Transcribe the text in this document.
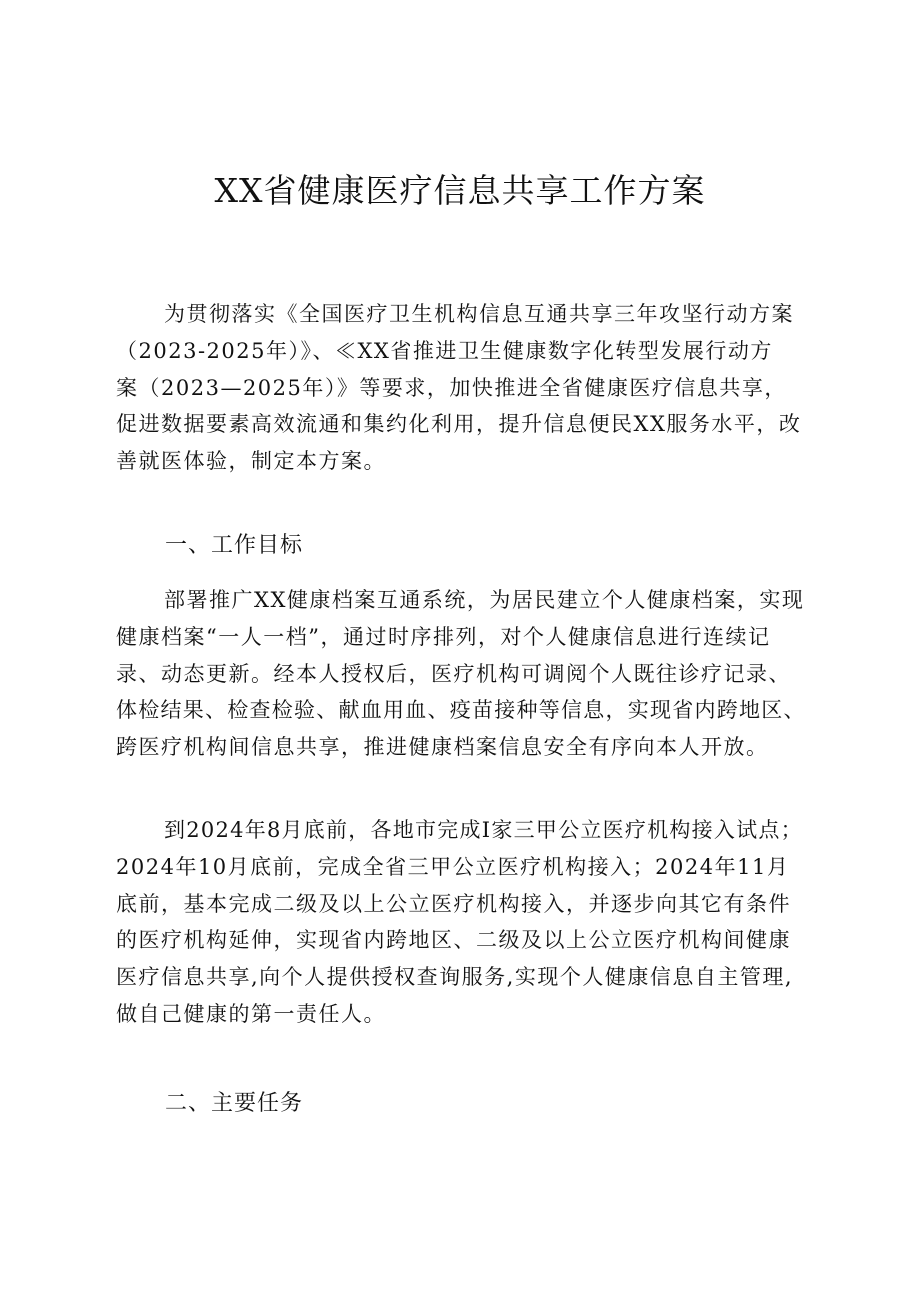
XX省健康医疗信息共享工作方案
为贯彻落实《全国医疗卫生机构信息互通共享三年攻坚行动方案
（2023-2025年）》、≪XX省推进卫生健康数字化转型发展行动方
案（2023—2025年）》等要求，加快推进全省健康医疗信息共享，
促进数据要素高效流通和集约化利用，提升信息便民XX服务水平，改
善就医体验，制定本方案。
一、工作目标
部署推广XX健康档案互通系统，为居民建立个人健康档案，实现
健康档案“一人一档”，通过时序排列，对个人健康信息进行连续记
录、动态更新。经本人授权后，医疗机构可调阅个人既往诊疗记录、
体检结果、检查检验、献血用血、疫苗接种等信息，实现省内跨地区、
跨医疗机构间信息共享，推进健康档案信息安全有序向本人开放。
到2024年8月底前，各地市完成I家三甲公立医疗机构接入试点；
2024年10月底前，完成全省三甲公立医疗机构接入；2024年11月
底前，基本完成二级及以上公立医疗机构接入，并逐步向其它有条件
的医疗机构延伸，实现省内跨地区、二级及以上公立医疗机构间健康
医疗信息共享,向个人提供授权查询服务,实现个人健康信息自主管理,
做自己健康的第一责任人。
二、主要任务
